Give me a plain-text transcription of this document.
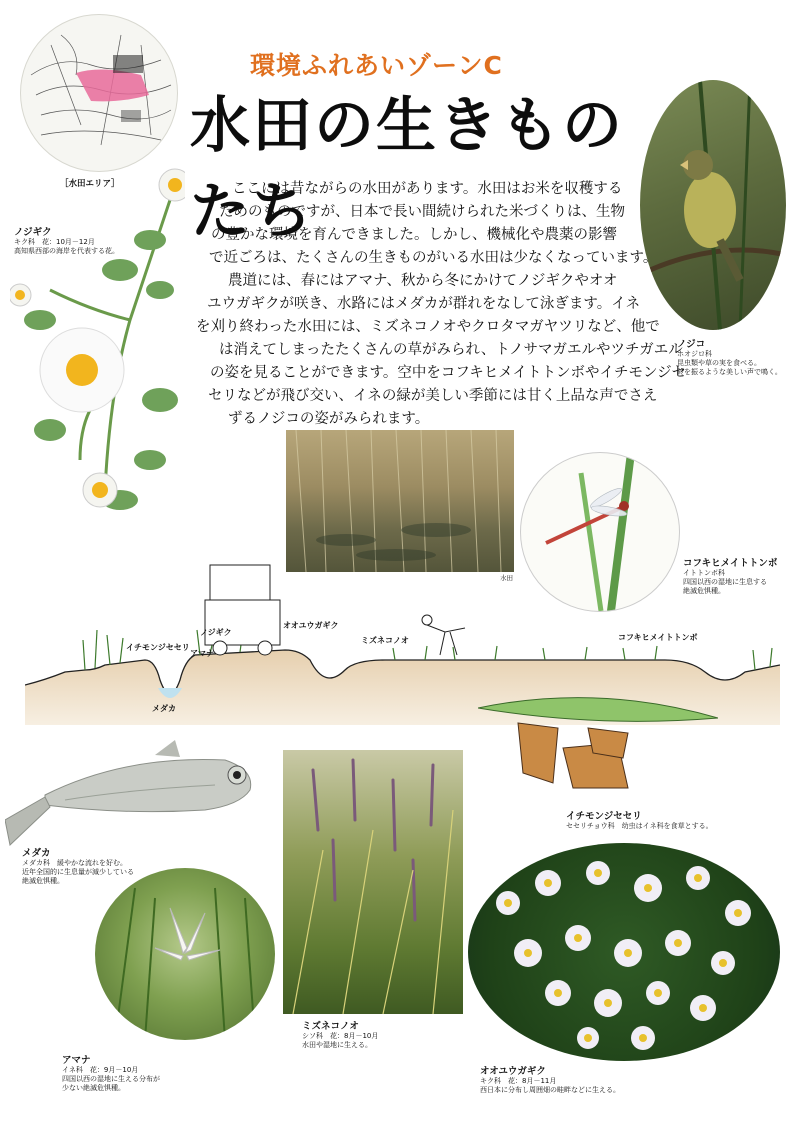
［水田エリア］
環境ふれあいゾーンC
水田の生きものたち
ノジギク
キク科　花：10月－12月
高知県西部の海岸を代表する花。
ノジコ
ホオジロ科
昆虫類や草の実を食べる。
鈴を振るような美しい声で鳴く。
ここには昔ながらの水田があります。水田はお米を収穫する
ためのものですが、日本で長い間続けられた米づくりは、生物
の豊かな環境を育んできました。しかし、機械化や農薬の影響
で近ごろは、たくさんの生きものがいる水田は少なくなっています。
農道には、春にはアマナ、秋から冬にかけてノジギクやオオ
ユウガギクが咲き、水路にはメダカが群れをなして泳ぎます。イネ
を刈り終わった水田には、ミズネコノオやクロタマガヤツリなど、他で
は消えてしまったたくさんの草がみられ、トノサマガエルやツチガエル
の姿を見ることができます。空中をコフキヒメイトトンボやイチモンジセ
セリなどが飛び交い、イネの緑が美しい季節には甘く上品な声でさえ
ずるノジコの姿がみられます。
水田
コフキヒメイトトンボ
イトトンボ科
四国以西の湿地に生息する
絶滅危惧種。
イチモンジセセリ
ノジギク
アマナ
メダカ
オオユウガギク
ミズネコノオ	コフキヒメイトトンボ
イチモンジセセリ
セセリチョウ科　幼虫はイネ科を食草とする。
メダカ
メダカ科　緩やかな流れを好む。
近年全国的に生息量が減少している
絶滅危惧種。
ミズネコノオ
シソ科　花：8月－10月
水田や湿地に生える。
アマナ
イネ科　花：9月－10月
四国以西の湿地に生える分布が
少ない絶滅危惧種。
オオユウガギク
キク科　花：8月－11月
西日本に分布し周囲畑の畦畔などに生える。
